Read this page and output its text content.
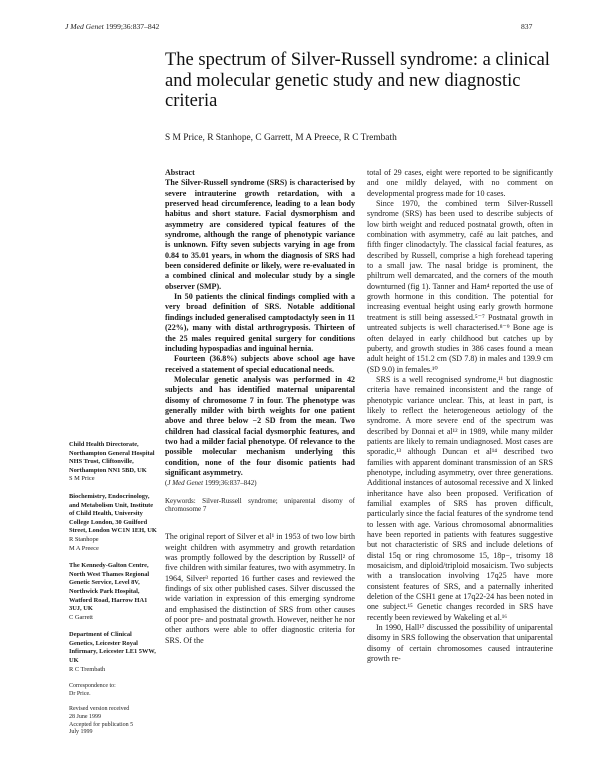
J Med Genet 1999;36:837–842	837
The spectrum of Silver-Russell syndrome: a clinical and molecular genetic study and new diagnostic criteria
S M Price, R Stanhope, C Garrett, M A Preece, R C Trembath
Child Health Directorate, Northampton General Hospital NHS Trust, Cliftonville, Northampton NN1 5BD, UK
S M Price
Biochemistry, Endocrinology, and Metabolism Unit, Institute of Child Health, University College London, 30 Guilford Street, London WC1N 1EH, UK
R Stanhope
M A Preece
The Kennedy-Galton Centre, North West Thames Regional Genetic Service, Level 8V, Northwick Park Hospital, Watford Road, Harrow HA1 3UJ, UK
C Garrett
Department of Clinical Genetics, Leicester Royal Infirmary, Leicester LE1 5WW, UK
R C Trembath
Correspondence to:
Dr Price.
Revised version received
28 June 1999
Accepted for publication 5
July 1999

Abstract

The Silver-Russell syndrome (SRS) is characterised by severe intrauterine growth retardation, with a preserved head circumference, leading to a lean body habitus and short stature. Facial dysmorphism and asymmetry are considered typical features of the syndrome, although the range of phenotypic variance is unknown. Fifty seven subjects varying in age from 0.84 to 35.01 years, in whom the diagnosis of SRS had been considered definite or likely, were re-evaluated in a combined clinical and molecular study by a single observer (SMP).

In 50 patients the clinical findings complied with a very broad definition of SRS. Notable additional findings included generalised camptodactyly seen in 11 (22%), many with distal arthrogryposis. Thirteen of the 25 males required genital surgery for conditions including hypospadias and inguinal hernia.

Fourteen (36.8%) subjects above school age have received a statement of special educational needs.

Molecular genetic analysis was performed in 42 subjects and has identified maternal uniparental disomy of chromosome 7 in four. The phenotype was generally milder with birth weights for one patient above and three below −2 SD from the mean. Two children had classical facial dysmorphic features, and two had a milder facial phenotype. Of relevance to the possible molecular mechanism underlying this condition, none of the four disomic patients had significant asymmetry.

(J Med Genet 1999;36:837–842)

Keywords: Silver-Russell syndrome; uniparental disomy of chromosome 7

The original report of Silver et al¹ in 1953 of two low birth weight children with asymmetry and growth retardation was promptly followed by the description by Russell² of five children with similar features, two with asymmetry. In 1964, Silver³ reported 16 further cases and reviewed the findings of six other published cases. Silver discussed the wide variation in expression of this emerging syndrome and emphasised the distinction of SRS from other causes of poor pre- and postnatal growth. However, neither he nor other authors were able to offer diagnostic criteria for SRS. Of the

total of 29 cases, eight were reported to be significantly and one mildly delayed, with no comment on developmental progress made for 10 cases.

Since 1970, the combined term Silver-Russell syndrome (SRS) has been used to describe subjects of low birth weight and reduced postnatal growth, often in combination with asymmetry, café au lait patches, and fifth finger clinodactyly. The classical facial features, as described by Russell, comprise a high forehead tapering to a small jaw. The nasal bridge is prominent, the philtrum well demarcated, and the corners of the mouth downturned (fig 1). Tanner and Ham⁴ reported the use of growth hormone in this condition. The potential for increasing eventual height using early growth hormone treatment is still being assessed.⁵⁻⁷ Postnatal growth in untreated subjects is well characterised.⁸⁻⁹ Bone age is often delayed in early childhood but catches up by puberty, and growth studies in 386 cases found a mean adult height of 151.2 cm (SD 7.8) in males and 139.9 cm (SD 9.0) in females.¹⁰

SRS is a well recognised syndrome,¹¹ but diagnostic criteria have remained inconsistent and the range of phenotypic variance unclear. This, at least in part, is likely to reflect the heterogeneous aetiology of the syndrome. A more severe end of the spectrum was described by Donnai et al¹² in 1989, while many milder patients are likely to remain undiagnosed. Most cases are sporadic,¹³ although Duncan et al¹⁴ described two families with apparent dominant transmission of an SRS phenotype, including asymmetry, over three generations. Additional instances of autosomal recessive and X linked inheritance have also been proposed. Verification of familial examples of SRS has proven difficult, particularly since the facial features of the syndrome tend to lessen with age. Various chromosomal abnormalities have been reported in patients with features suggestive but not characteristic of SRS and include deletions of distal 15q or ring chromosome 15, 18p−, trisomy 18 mosaicism, and diploid/triploid mosaicism. Two subjects with a translocation involving 17q25 have more consistent features of SRS, and a paternally inherited deletion of the CSH1 gene at 17q22-24 has been noted in one subject.¹⁵ Genetic changes recorded in SRS have recently been reviewed by Wakeling et al.¹⁶

In 1990, Hall¹⁷ discussed the possibility of uniparental disomy in SRS following the observation that uniparental disomy of certain chromosomes caused intrauterine growth re-
